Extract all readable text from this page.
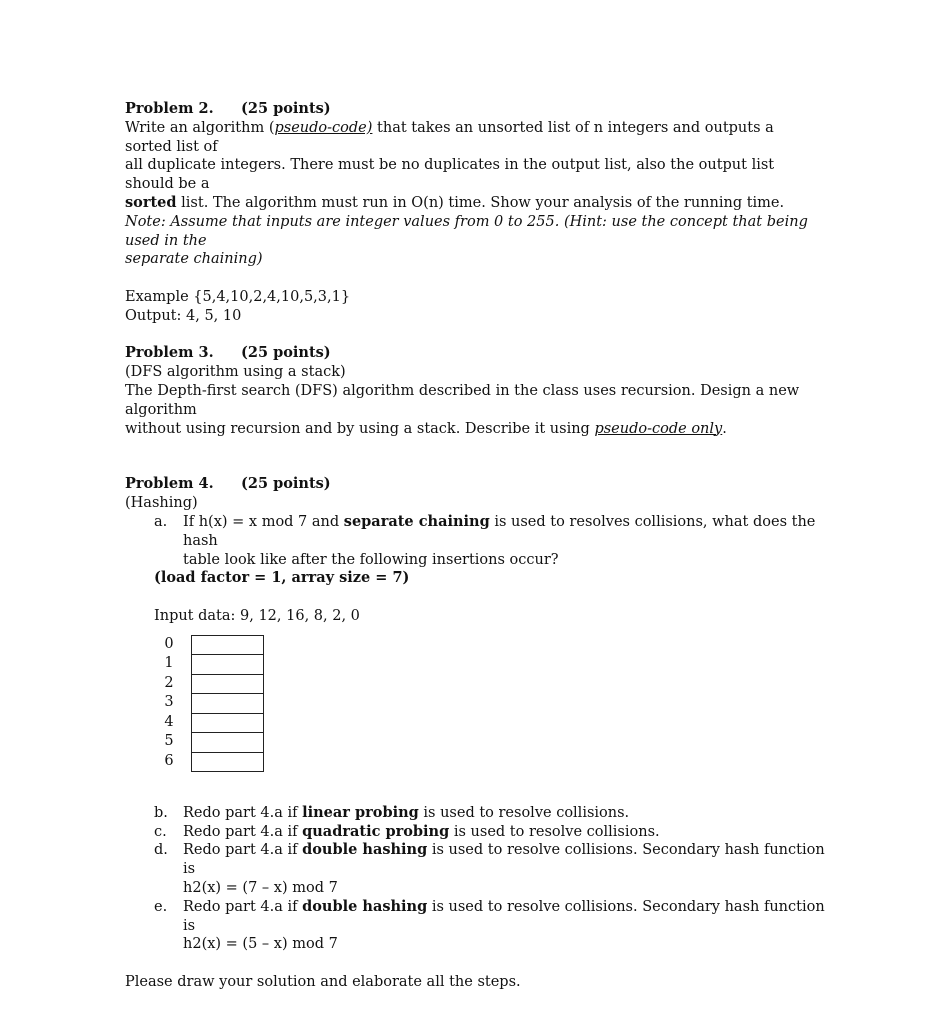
Problem 2.	(25 points)
Write an algorithm (pseudo-code) that takes an unsorted list of n integers and outputs a sorted list of
all duplicate integers. There must be no duplicates in the output list, also the output list should be a
sorted list. The algorithm must run in O(n) time. Show your analysis of the running time.
Note: Assume that inputs are integer values from 0 to 255. (Hint: use the concept that being used in the
separate chaining)
Example {5,4,10,2,4,10,5,3,1}
Output: 4, 5, 10
Problem 3.	(25 points)
(DFS algorithm using a stack)
The Depth-first search (DFS) algorithm described in the class uses recursion. Design a new algorithm
without using recursion and by using a stack. Describe it using pseudo-code only.
Problem 4.	(25 points)
(Hashing)
a.	If h(x) = x mod 7 and separate chaining is used to resolves collisions, what does the hash
table look like after the following insertions occur?
(load factor = 1, array size = 7)
Input data: 9, 12, 16, 8, 2, 0
0
1
2
3
4
5
6
b.	Redo part 4.a if linear probing is used to resolve collisions.
c.	Redo part 4.a if quadratic probing is used to resolve collisions.
d.	Redo part 4.a if double hashing is used to resolve collisions. Secondary hash function is
h2(x) = (7 – x) mod 7
e.	Redo part 4.a if double hashing is used to resolve collisions. Secondary hash function is
h2(x) = (5 – x) mod 7
Please draw your solution and elaborate all the steps.
